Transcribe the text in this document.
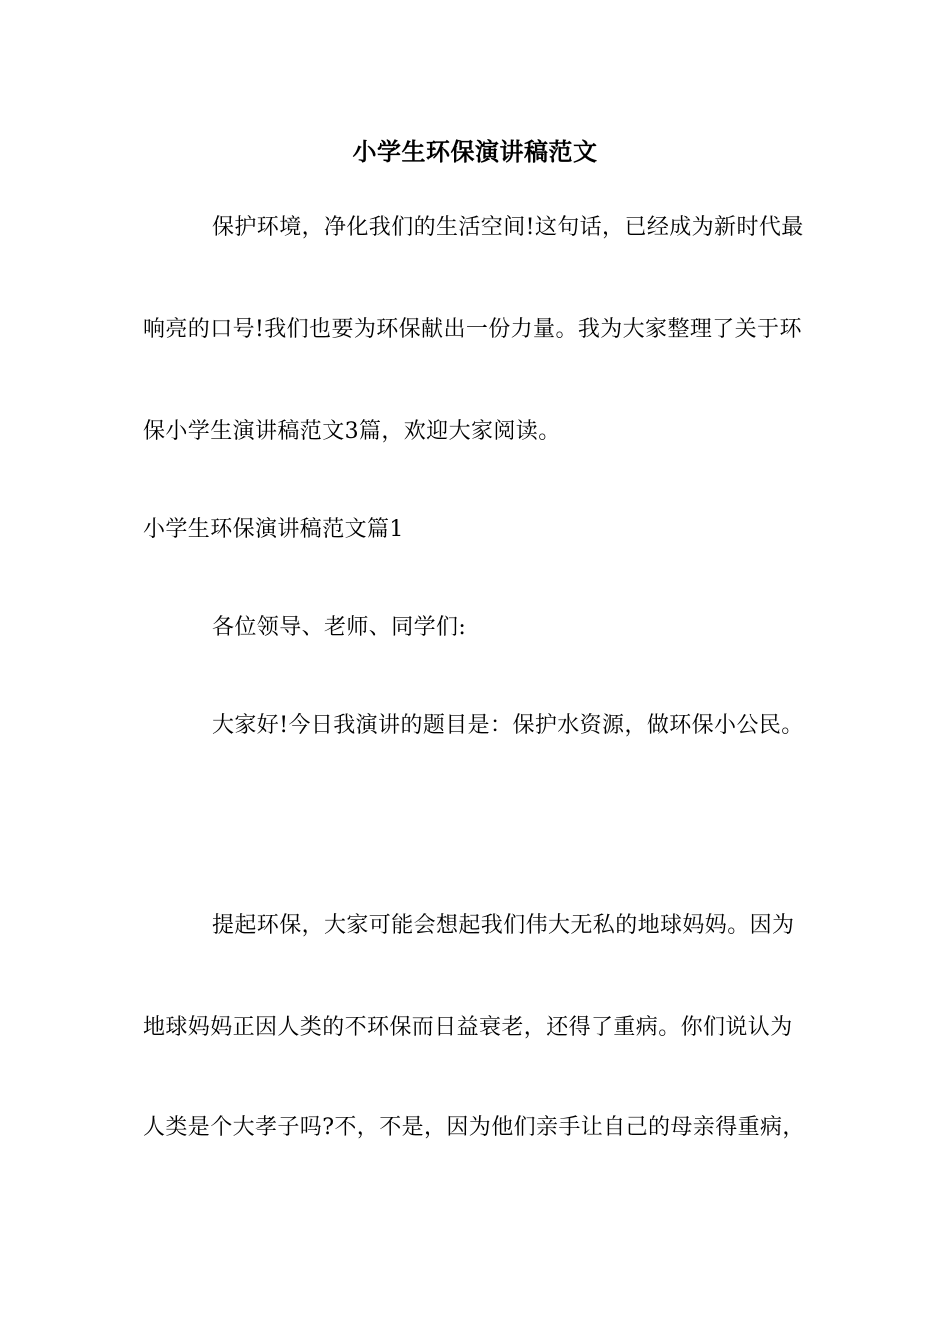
小学生环保演讲稿范文
保护环境，净化我们的生活空间!这句话，已经成为新时代最
响亮的口号!我们也要为环保献出一份力量。我为大家整理了关于环
保小学生演讲稿范文3篇，欢迎大家阅读。
小学生环保演讲稿范文篇1
各位领导、老师、同学们:
大家好!今日我演讲的题目是：保护水资源，做环保小公民。
提起环保，大家可能会想起我们伟大无私的地球妈妈。因为
地球妈妈正因人类的不环保而日益衰老，还得了重病。你们说认为
人类是个大孝子吗?不，不是，因为他们亲手让自己的母亲得重病，
